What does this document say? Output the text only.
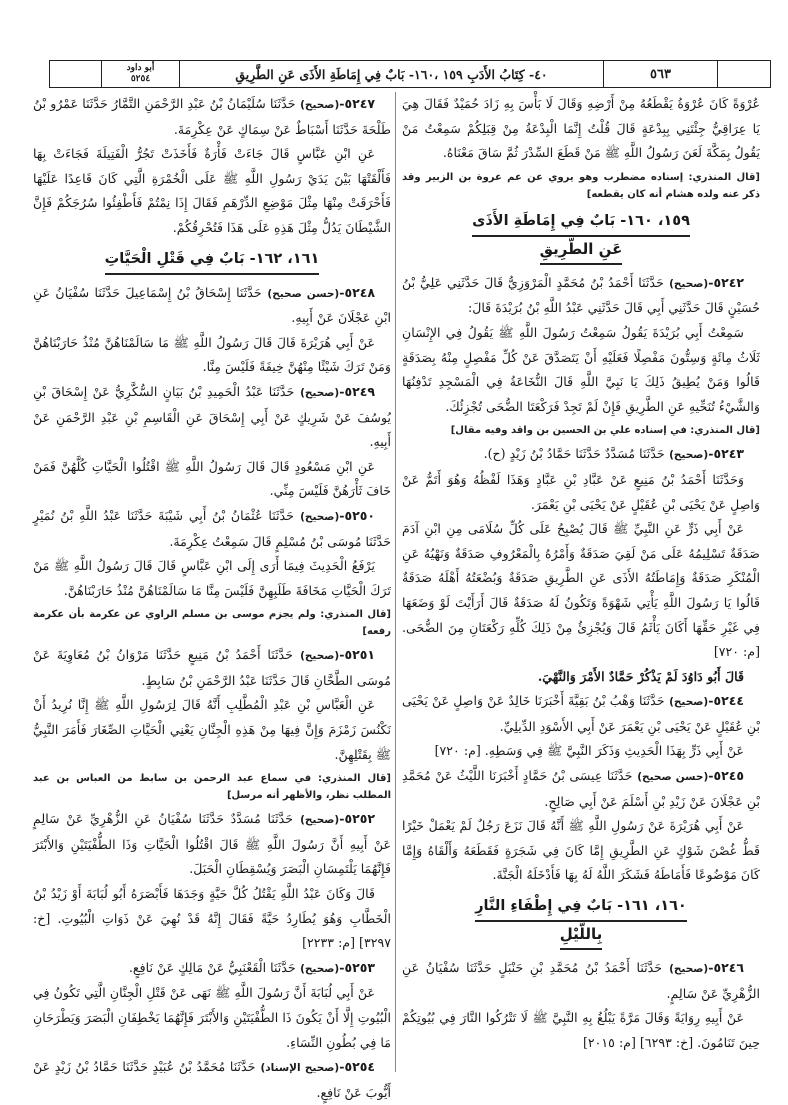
أبو داود
٥٢٥٤	٤٠- كِتَابُ الأَدَبِ ١٥٩ ،١٦٠- بَابٌ فِي إِمَاطَةِ الأَذَى عَنِ الطَّرِيقِ	٥٦٣

عُرْوَةً كَانَ عُرْوَةُ يَقْطَعُهُ مِنْ أَرْضِهِ وَقَالَ لَا بَأْسَ بِهِ زَادَ حُمَيْدٌ فَقَالَ هِيَ يَا عِرَاقِيُّ جِئْتَنِي بِبِدْعَةٍ قَالَ قُلْتُ إِنَّمَا الْبِدْعَةُ مِنْ قِبَلِكُمْ سَمِعْتُ مَنْ يَقُولُ بِمَكَّةَ لَعَنَ رَسُولُ اللَّهِ ﷺ مَنْ قَطَعَ السِّدْرَ ثُمَّ سَاقَ مَعْنَاهُ.

[قال المنذري: إسناده مضطرب وهو يروي عن عم عروة بن الزبير وقد ذكر عنه ولده هشام أنه كان يقطعه]

١٥٩، ١٦٠- بَابٌ فِي إِمَاطَةِ الأَذَى
عَنِ الطَّرِيقِ

٥٢٤٢-(صحيح) حَدَّثَنَا أَحْمَدُ بْنُ مُحَمَّدٍ الْمَرْوَزِيُّ قَالَ حَدَّثَنِي عَلِيُّ بْنُ حُسَيْنٍ قَالَ حَدَّثَنِي أَبِي قَالَ حَدَّثَنِي عَبْدُ اللَّهِ بْنُ بُرَيْدَةَ قَالَ:

سَمِعْتُ أَبِي بُرَيْدَةَ يَقُولُ سَمِعْتُ رَسُولَ اللَّهِ ﷺ يَقُولُ فِي الإِنْسَانِ ثَلَاثُ مِائَةٍ وَسِتُّونَ مَفْصِلًا فَعَلَيْهِ أَنْ يَتَصَدَّقَ عَنْ كُلِّ مَفْصِلٍ مِنْهُ بِصَدَقَةٍ قَالُوا وَمَنْ يُطِيقُ ذَلِكَ يَا نَبِيَّ اللَّهِ قَالَ النُّخَاعَةُ فِي الْمَسْجِدِ تَدْفِنُهَا وَالشَّيْءُ تُنَحِّيهِ عَنِ الطَّرِيقِ فَإِنْ لَمْ تَجِدْ فَرَكْعَتَا الضُّحَى تُجْزِئُكَ.

[قال المنذري: في إسناده علي بن الحسين بن واقد وفيه مقال]

٥٢٤٣-(صحيح) حَدَّثَنَا مُسَدَّدٌ حَدَّثَنَا حَمَّادُ بْنُ زَيْدٍ (ح).

وَحَدَّثَنَا أَحْمَدُ بْنُ مَنِيعٍ عَنْ عَبَّادِ بْنِ عَبَّادٍ وَهَذَا لَفْظُهُ وَهُوَ أَتَمُّ عَنْ وَاصِلٍ عَنْ يَحْيَى بْنِ عُقَيْلٍ عَنْ يَحْيَى بْنِ يَعْمَرَ.

عَنْ أَبِي ذَرٍّ عَنِ النَّبِيِّ ﷺ قَالَ يُصْبِحُ عَلَى كُلِّ سُلَامَى مِنِ ابْنِ آدَمَ صَدَقَةٌ تَسْلِيمُهُ عَلَى مَنْ لَقِيَ صَدَقَةٌ وَأَمْرُهُ بِالْمَعْرُوفِ صَدَقَةٌ وَنَهْيُهُ عَنِ الْمُنْكَرِ صَدَقَةٌ وَإِمَاطَتُهُ الأَذَى عَنِ الطَّرِيقِ صَدَقَةٌ وَبُضْعَتُهُ أَهْلَهُ صَدَقَةٌ قَالُوا يَا رَسُولَ اللَّهِ يَأْتِي شَهْوَةً وَتَكُونُ لَهُ صَدَقَةٌ قَالَ أَرَأَيْتَ لَوْ وَضَعَهَا فِي غَيْرِ حَقِّهَا أَكَانَ يَأْثَمُ قَالَ وَيُجْزِئُ مِنْ ذَلِكَ كُلِّهِ رَكْعَتَانِ مِنَ الضُّحَى. [م: ٧٢٠]

قَالَ أَبُو دَاوُدَ لَمْ يَذْكُرْ حَمَّادٌ الأَمْرَ وَالنَّهْيَ.

٥٢٤٤-(صحيح) حَدَّثَنَا وَهْبُ بْنُ بَقِيَّةَ أَخْبَرَنَا خَالِدٌ عَنْ وَاصِلٍ عَنْ يَحْيَى بْنِ عُقَيْلٍ عَنْ يَحْيَى بْنِ يَعْمَرَ عَنْ أَبِي الأَسْوَدِ الدِّيلِيِّ.

عَنْ أَبِي ذَرٍّ بِهَذَا الْحَدِيثِ وَذَكَرَ النَّبِيَّ ﷺ فِي وَسَطِهِ. [م: ٧٢٠]

٥٢٤٥-(حسن صحيح) حَدَّثَنَا عِيسَى بْنُ حَمَّادٍ أَخْبَرَنَا اللَّيْثُ عَنْ مُحَمَّدِ بْنِ عَجْلَانَ عَنْ زَيْدِ بْنِ أَسْلَمَ عَنْ أَبِي صَالِحٍ.

عَنْ أَبِي هُرَيْرَةَ عَنْ رَسُولِ اللَّهِ ﷺ أَنَّهُ قَالَ نَزَعَ رَجُلٌ لَمْ يَعْمَلْ خَيْرًا قَطُّ غُصْنَ شَوْكٍ عَنِ الطَّرِيقِ إِمَّا كَانَ فِي شَجَرَةٍ فَقَطَعَهُ وَأَلْقَاهُ وَإِمَّا كَانَ مَوْضُوعًا فَأَمَاطَهُ فَشَكَرَ اللَّهُ لَهُ بِهَا فَأَدْخَلَهُ الْجَنَّةَ.

١٦٠، ١٦١- بَابٌ فِي إِطْفَاءِ النَّارِ
بِاللَّيْلِ

٥٢٤٦-(صحيح) حَدَّثَنَا أَحْمَدُ بْنُ مُحَمَّدِ بْنِ حَنْبَلٍ حَدَّثَنَا سُفْيَانُ عَنِ الزُّهْرِيِّ عَنْ سَالِمٍ.

عَنْ أَبِيهِ رِوَايَةً وَقَالَ مَرَّةً يَبْلُغُ بِهِ النَّبِيَّ ﷺ لَا تَتْرُكُوا النَّارَ فِي بُيُوتِكُمْ حِينَ تَنَامُونَ. [خ: ٦٢٩٣] [م: ٢٠١٥]

٥٢٤٧-(صحيح) حَدَّثَنَا سُلَيْمَانُ بْنُ عَبْدِ الرَّحْمَنِ التَّمَّارُ حَدَّثَنَا عَمْرُو بْنُ طَلْحَةَ حَدَّثَنَا أَسْبَاطٌ عَنْ سِمَاكٍ عَنْ عِكْرِمَةَ.

عَنِ ابْنِ عَبَّاسٍ قَالَ جَاءَتْ فَأْرَةٌ فَأَخَذَتْ تَجُرُّ الْفَتِيلَةَ فَجَاءَتْ بِهَا فَأَلْقَتْهَا بَيْنَ يَدَيْ رَسُولِ اللَّهِ ﷺ عَلَى الْخُمْرَةِ الَّتِي كَانَ قَاعِدًا عَلَيْهَا فَأَحْرَقَتْ مِنْهَا مِثْلَ مَوْضِعِ الدِّرْهَمِ فَقَالَ إِذَا نِمْتُمْ فَأَطْفِئُوا سُرُجَكُمْ فَإِنَّ الشَّيْطَانَ يَدُلُّ مِثْلَ هَذِهِ عَلَى هَذَا فَتُحْرِقُكُمْ.

١٦١، ١٦٢- بَابٌ فِي قَتْلِ الْحَيَّاتِ

٥٢٤٨-(حسن صحيح) حَدَّثَنَا إِسْحَاقُ بْنُ إِسْمَاعِيلَ حَدَّثَنَا سُفْيَانُ عَنِ ابْنِ عَجْلَانَ عَنْ أَبِيهِ.

عَنْ أَبِي هُرَيْرَةَ قَالَ قَالَ رَسُولُ اللَّهِ ﷺ مَا سَالَمْنَاهُنَّ مُنْذُ حَارَبْنَاهُنَّ وَمَنْ تَرَكَ شَيْئًا مِنْهُنَّ خِيفَةً فَلَيْسَ مِنَّا.

٥٢٤٩-(صحيح) حَدَّثَنَا عَبْدُ الْحَمِيدِ بْنُ بَيَانٍ السُّكَّرِيُّ عَنْ إِسْحَاقَ بْنِ يُوسُفَ عَنْ شَرِيكٍ عَنْ أَبِي إِسْحَاقَ عَنِ الْقَاسِمِ بْنِ عَبْدِ الرَّحْمَنِ عَنْ أَبِيهِ.

عَنِ ابْنِ مَسْعُودٍ قَالَ قَالَ رَسُولُ اللَّهِ ﷺ اقْتُلُوا الْحَيَّاتِ كُلَّهُنَّ فَمَنْ خَافَ ثَأْرَهُنَّ فَلَيْسَ مِنِّي.

٥٢٥٠-(صحيح) حَدَّثَنَا عُثْمَانُ بْنُ أَبِي شَيْبَةَ حَدَّثَنَا عَبْدُ اللَّهِ بْنُ نُمَيْرٍ حَدَّثَنَا مُوسَى بْنُ مُسْلِمٍ قَالَ سَمِعْتُ عِكْرِمَةَ.

يَرْفَعُ الْحَدِيثَ فِيمَا أَرَى إِلَى ابْنِ عَبَّاسٍ قَالَ قَالَ رَسُولُ اللَّهِ ﷺ مَنْ تَرَكَ الْحَيَّاتِ مَخَافَةَ طَلَبِهِنَّ فَلَيْسَ مِنَّا مَا سَالَمْنَاهُنَّ مُنْذُ حَارَبْنَاهُنَّ.

[قال المنذري: ولم يجزم موسى بن مسلم الراوي عن عكرمة بأن عكرمة رفعه]

٥٢٥١-(صحيح) حَدَّثَنَا أَحْمَدُ بْنُ مَنِيعٍ حَدَّثَنَا مَرْوَانُ بْنُ مُعَاوِيَةَ عَنْ مُوسَى الطَّحَّانِ قَالَ حَدَّثَنَا عَبْدُ الرَّحْمَنِ بْنُ سَابِطٍ.

عَنِ الْعَبَّاسِ بْنِ عَبْدِ الْمُطَّلِبِ أَنَّهُ قَالَ لِرَسُولِ اللَّهِ ﷺ إِنَّا نُرِيدُ أَنْ نَكْنُسَ زَمْزَمَ وَإِنَّ فِيهَا مِنْ هَذِهِ الْجِنَّانِ يَعْنِي الْحَيَّاتِ الصِّغَارَ فَأَمَرَ النَّبِيُّ ﷺ بِقَتْلِهِنَّ.

[قال المنذري: في سماع عبد الرحمن بن سابط من العباس بن عبد المطلب نظر، والأظهر أنه مرسل]

٥٢٥٢-(صحيح) حَدَّثَنَا مُسَدَّدٌ حَدَّثَنَا سُفْيَانُ عَنِ الزُّهْرِيِّ عَنْ سَالِمٍ عَنْ أَبِيهِ أَنَّ رَسُولَ اللَّهِ ﷺ قَالَ اقْتُلُوا الْحَيَّاتِ وَذَا الطُّفْيَتَيْنِ وَالأَبْتَرَ فَإِنَّهُمَا يَلْتَمِسَانِ الْبَصَرَ وَيُسْقِطَانِ الْحَبَلَ.

قَالَ وَكَانَ عَبْدُ اللَّهِ يَقْتُلُ كُلَّ حَيَّةٍ وَجَدَهَا فَأَبْصَرَهُ أَبُو لُبَابَةَ أَوْ زَيْدُ بْنُ الْخَطَّابِ وَهُوَ يُطَارِدُ حَيَّةً فَقَالَ إِنَّهُ قَدْ نُهِيَ عَنْ ذَوَاتِ الْبُيُوتِ. [خ: ٣٢٩٧] [م: ٢٢٣٣]

٥٢٥٣-(صحيح) حَدَّثَنَا الْقَعْنَبِيُّ عَنْ مَالِكٍ عَنْ نَافِعٍ.

عَنْ أَبِي لُبَابَةَ أَنَّ رَسُولَ اللَّهِ ﷺ نَهَى عَنْ قَتْلِ الْجِنَّانِ الَّتِي تَكُونُ فِي الْبُيُوتِ إِلَّا أَنْ يَكُونَ ذَا الطُّفْيَتَيْنِ وَالأَبْتَرَ فَإِنَّهُمَا يَخْطِفَانِ الْبَصَرَ وَيَطْرَحَانِ مَا فِي بُطُونِ النِّسَاءِ.

٥٢٥٤-(صحيح الإسناد) حَدَّثَنَا مُحَمَّدُ بْنُ عُبَيْدٍ حَدَّثَنَا حَمَّادُ بْنُ زَيْدٍ عَنْ أَيُّوبَ عَنْ نَافِعٍ.
